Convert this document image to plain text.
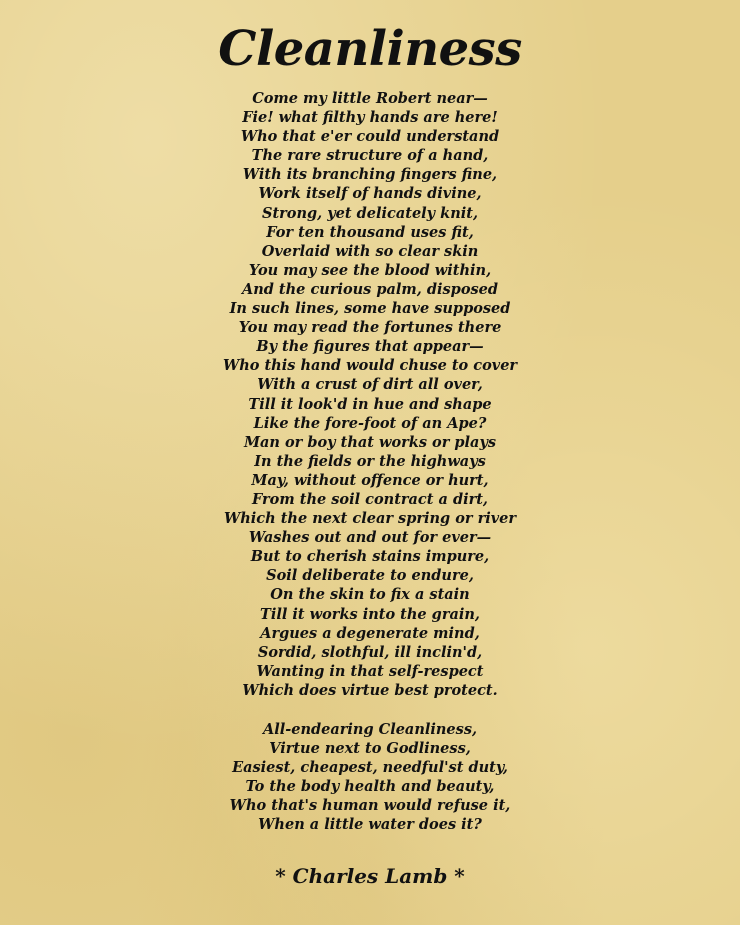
Cleanliness
Come my little Robert near—
Fie! what filthy hands are here!
Who that e'er could understand
The rare structure of a hand,
With its branching fingers fine,
Work itself of hands divine,
Strong, yet delicately knit,
For ten thousand uses fit,
Overlaid with so clear skin
You may see the blood within,
And the curious palm, disposed
In such lines, some have supposed
You may read the fortunes there
By the figures that appear—
Who this hand would chuse to cover
With a crust of dirt all over,
Till it look'd in hue and shape
Like the fore-foot of an Ape?
Man or boy that works or plays
In the fields or the highways
May, without offence or hurt,
From the soil contract a dirt,
Which the next clear spring or river
Washes out and out for ever—
But to cherish stains impure,
Soil deliberate to endure,
On the skin to fix a stain
Till it works into the grain,
Argues a degenerate mind,
Sordid, slothful, ill inclin'd,
Wanting in that self-respect
Which does virtue best protect.
All-endearing Cleanliness,
Virtue next to Godliness,
Easiest, cheapest, needful'st duty,
To the body health and beauty,
Who that's human would refuse it,
When a little water does it?
* Charles Lamb *
